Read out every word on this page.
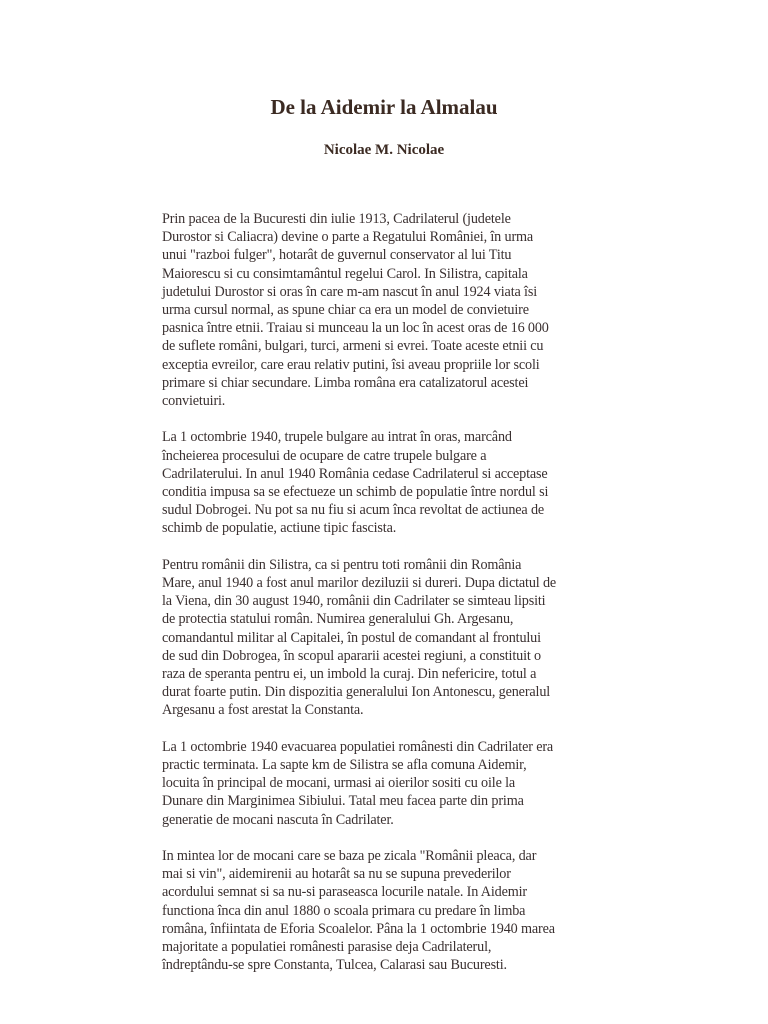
De la Aidemir la Almalau
Nicolae M. Nicolae

Prin pacea de la Bucuresti din iulie 1913, Cadrilaterul (judetele
Durostor si Caliacra) devine o parte a Regatului României, în urma
unui "razboi fulger", hotarât de guvernul conservator al lui Titu
Maiorescu si cu consimtamântul regelui Carol. In Silistra, capitala
judetului Durostor si oras în care m-am nascut în anul 1924 viata îsi
urma cursul normal, as spune chiar ca era un model de convietuire
pasnica între etnii. Traiau si munceau la un loc în acest oras de 16 000
de suflete români, bulgari, turci, armeni si evrei. Toate aceste etnii cu
exceptia evreilor, care erau relativ putini, îsi aveau propriile lor scoli
primare si chiar secundare. Limba româna era catalizatorul acestei
convietuiri.

La 1 octombrie 1940, trupele bulgare au intrat în oras, marcând
încheierea procesului de ocupare de catre trupele bulgare a
Cadrilaterului. In anul 1940 România cedase Cadrilaterul si acceptase
conditia impusa sa se efectueze un schimb de populatie între nordul si
sudul Dobrogei. Nu pot sa nu fiu si acum înca revoltat de actiunea de
schimb de populatie, actiune tipic fascista.

Pentru românii din Silistra, ca si pentru toti românii din România
Mare, anul 1940 a fost anul marilor deziluzii si dureri. Dupa dictatul de
la Viena, din 30 august 1940, românii din Cadrilater se simteau lipsiti
de protectia statului român. Numirea generalului Gh. Argesanu,
comandantul militar al Capitalei, în postul de comandant al frontului
de sud din Dobrogea, în scopul apararii acestei regiuni, a constituit o
raza de speranta pentru ei, un imbold la curaj. Din nefericire, totul a
durat foarte putin. Din dispozitia generalului Ion Antonescu, generalul
Argesanu a fost arestat la Constanta.

La 1 octombrie 1940 evacuarea populatiei românesti din Cadrilater era
practic terminata. La sapte km de Silistra se afla comuna Aidemir,
locuita în principal de mocani, urmasi ai oierilor sositi cu oile la
Dunare din Marginimea Sibiului. Tatal meu facea parte din prima
generatie de mocani nascuta în Cadrilater.

In mintea lor de mocani care se baza pe zicala "Românii pleaca, dar
mai si vin", aidemirenii au hotarât sa nu se supuna prevederilor
acordului semnat si sa nu-si paraseasca locurile natale. In Aidemir
functiona înca din anul 1880 o scoala primara cu predare în limba
româna, înfiintata de Eforia Scoalelor. Pâna la 1 octombrie 1940 marea
majoritate a populatiei românesti parasise deja Cadrilaterul,
îndreptându-se spre Constanta, Tulcea, Calarasi sau Bucuresti.
